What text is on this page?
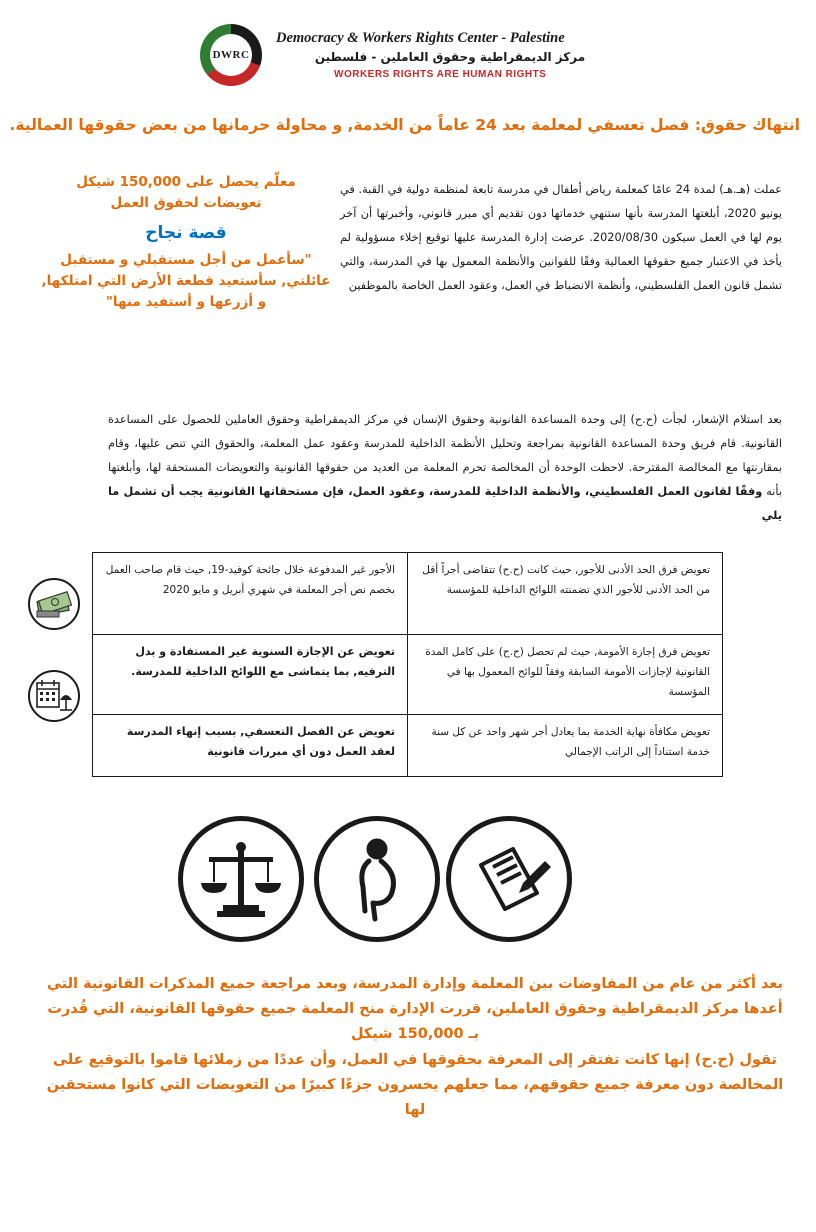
DWRC
Democracy & Workers Rights Center - Palestine
مركز الديمقراطية وحقوق العاملين - فلسطين
WORKERS RIGHTS ARE HUMAN RIGHTS
انتهاك حقوق: فصل تعسفي لمعلمة بعد 24 عاماً من الخدمة, و محاولة حرمانها من بعض حقوقها العمالية.
عملت (هـ.هـ) لمدة 24 عامًا كمعلمة رياض أطفال في مدرسة تابعة لمنظمة دولية في القبة. في يونيو 2020، أبلغتها المدرسة بأنها ستنهي خدماتها دون تقديم أي مبرر قانوني، وأخبرتها أن آخر يوم لها في العمل سيكون 2020/08/30. عرضت إدارة المدرسة عليها توقيع إخلاء مسؤولية لم يأخذ في الاعتبار جميع حقوقها العمالية وفقًا للقوانين والأنظمة المعمول بها في المدرسة، والتي تشمل قانون العمل الفلسطيني، وأنظمة الانضباط في العمل، وعقود العمل الخاصة بالموظفين
معلّم يحصل على 150,000 شيكل
تعويضات لحقوق العمل
قصة نجاح
"سأعمل من أجل مستقبلي و مستقبل عائلتي, سأستعيد قطعة الأرض التي امتلكها, و أزرعها و أستفيد منها"
بعد استلام الإشعار، لجأت (ح.ح) إلى وحدة المساعدة القانونية وحقوق الإنسان في مركز الديمقراطية وحقوق العاملين للحصول على المساعدة القانونية. قام فريق وحدة المساعدة القانونية بمراجعة وتحليل الأنظمة الداخلية للمدرسة وعقود عمل المعلمة، والحقوق التي تنص عليها، وقام بمقارنتها مع المخالصة المقترحة. لاحظت الوحدة أن المخالصة تحرم المعلمة من العديد من حقوقها القانونية والتعويضات المستحقة لها، وأبلغتها بأنه وفقًا لقانون العمل الفلسطيني، والأنظمة الداخلية للمدرسة، وعقود العمل، فإن مستحقاتها القانونية يجب أن تشمل ما يلي
تعويض فرق الحد الأدنى للأجور, حيث كانت (ح.ح) تتقاضى أجراً أقل من الحد الأدنى للأجور الذي تضمنته اللوائح الداخلية للمؤسسة	الأجور غير المدفوعة خلال جائحة كوفيد-19, حيث قام صاحب العمل بخصم نص أجر المعلمة في شهري أبريل و مايو 2020
تعويض فرق إجازة الأمومة, حيث لم تحصل (ح.ح) على كامل المدة القانونية لإجازات الأمومة السابقة وفقاً للوائح المعمول بها في المؤسسة	تعويض عن الإجازة السنوية غير المستفادة و بدل الترفيه, بما يتماشى مع اللوائح الداخلية للمدرسة.
تعويض مكافأة نهاية الخدمة بما يعادل أجر شهر واحد عن كل سنة خدمة استناداً إلى الراتب الإجمالي	تعويض عن الفصل التعسفي, بسبب إنهاء المدرسة لعقد العمل دون أي مبررات قانونية
بعد أكثر من عام من المفاوضات بين المعلمة وإدارة المدرسة، وبعد مراجعة جميع المذكرات القانونية التي أعدها مركز الديمقراطية وحقوق العاملين، قررت الإدارة منح المعلمة جميع حقوقها القانونية، التي قُدرت بـ 150,000 شيكل
تقول (ح.ح) إنها كانت تفتقر إلى المعرفة بحقوقها في العمل، وأن عددًا من زملائها قاموا بالتوقيع على المخالصة دون معرفة جميع حقوقهم، مما جعلهم يخسرون جزءًا كبيرًا من التعويضات التي كانوا مستحقين لها
